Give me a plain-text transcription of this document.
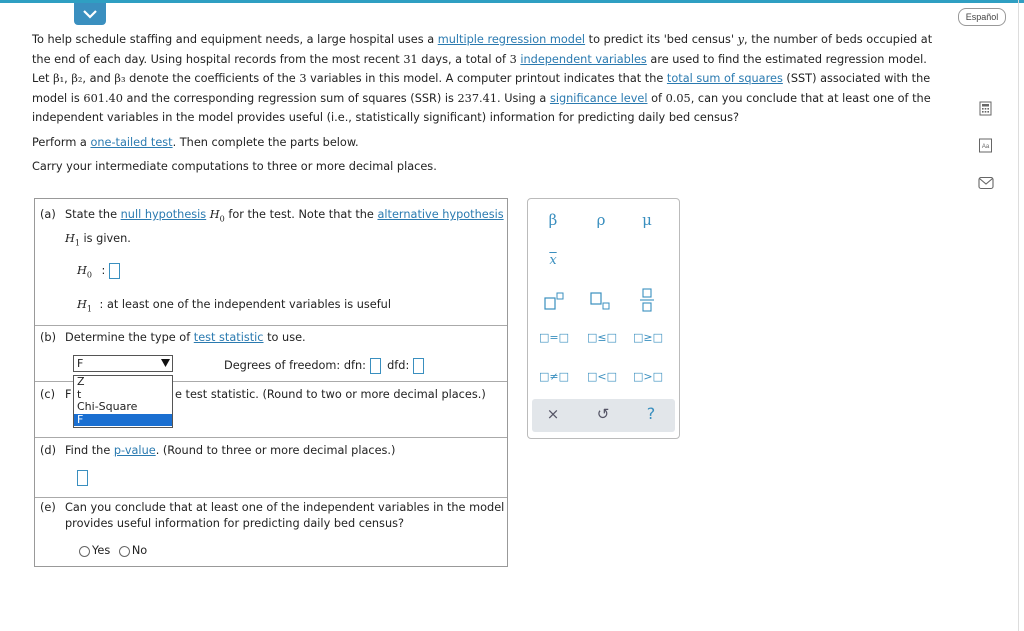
Español
Aa

To help schedule staffing and equipment needs, a large hospital uses a multiple regression model to predict its 'bed census' y, the number of beds occupied at the end of each day. Using hospital records from the most recent 31 days, a total of 3 independent variables are used to find the estimated regression model.
Let β₁, β₂, and β₃ denote the coefficients of the 3 variables in this model. A computer printout indicates that the total sum of squares (SST) associated with the model is 601.40 and the corresponding regression sum of squares (SSR) is 237.41. Using a significance level of 0.05, can you conclude that at least one of the independent variables in the model provides useful (i.e., statistically significant) information for predicting daily bed census?

Perform a one-tailed test. Then complete the parts below.

Carry your intermediate computations to three or more decimal places.

(a) State the null hypothesis $H_0$ for the test. Note that the alternative hypothesis
$H_1$ is given.
$H_0$ :
$H_1$ : at least one of the independent variables is useful
(b) Determine the type of test statistic to use.
Degrees of freedom: dfn: dfd:
(c) F	e test statistic. (Round to two or more decimal places.)
(d) Find the p-value. (Round to three or more decimal places.)
(e) Can you conclude that at least one of the independent variables in the model
provides useful information for predicting daily bed census?
Yes No
F
Z
t
Chi-Square
F
β	ρ	μ
$\overline{x}$
□=□ □≤□ □≥□
□≠□ □<□ □>□
×	↺	?
